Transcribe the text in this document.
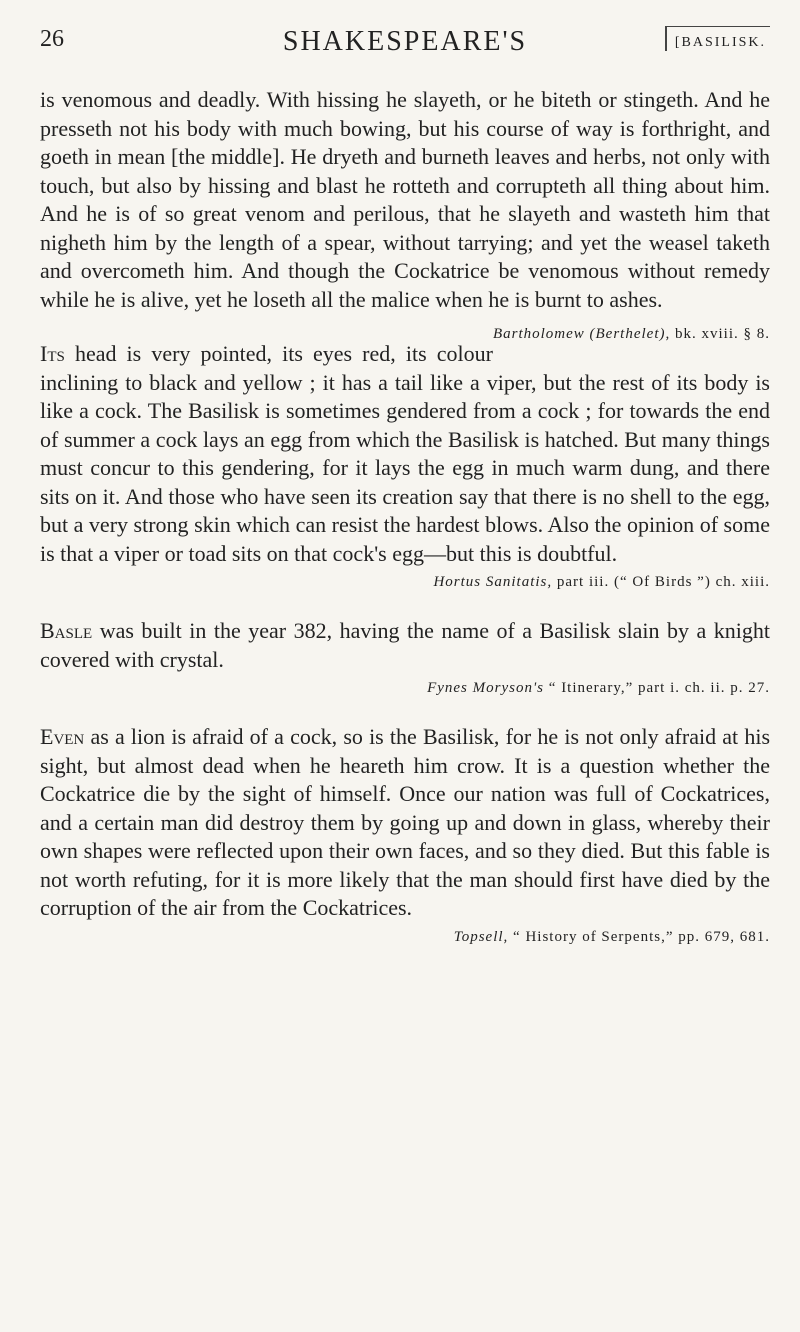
26	SHAKESPEARE'S	[BASILISK.

is venomous and deadly. With hissing he slayeth, or he biteth or stingeth. And he presseth not his body with much bowing, but his course of way is forthright, and goeth in mean [the middle]. He dryeth and burneth leaves and herbs, not only with touch, but also by hissing and blast he rotteth and corrupteth all thing about him. And he is of so great venom and perilous, that he slayeth and wasteth him that nigheth him by the length of a spear, without tarrying; and yet the weasel taketh and overcometh him. And though the Cockatrice be venomous without remedy while he is alive, yet he loseth all the malice when he is burnt to ashes.
Bartholomew (Berthelet), bk. xviii. § 8.

Its head is very pointed, its eyes red, its colour inclining to black and yellow ; it has a tail like a viper, but the rest of its body is like a cock. The Basilisk is sometimes gendered from a cock ; for towards the end of summer a cock lays an egg from which the Basilisk is hatched. But many things must concur to this gendering, for it lays the egg in much warm dung, and there sits on it. And those who have seen its creation say that there is no shell to the egg, but a very strong skin which can resist the hardest blows. Also the opinion of some is that a viper or toad sits on that cock's egg—but this is doubtful.

Hortus Sanitatis, part iii. (“ Of Birds ”) ch. xiii.

Basle was built in the year 382, having the name of a Basilisk slain by a knight covered with crystal.

Fynes Moryson's “ Itinerary,” part i. ch. ii. p. 27.

Even as a lion is afraid of a cock, so is the Basilisk, for he is not only afraid at his sight, but almost dead when he heareth him crow. It is a question whether the Cockatrice die by the sight of himself. Once our nation was full of Cockatrices, and a certain man did destroy them by going up and down in glass, whereby their own shapes were reflected upon their own faces, and so they died. But this fable is not worth refuting, for it is more likely that the man should first have died by the corruption of the air from the Cockatrices.

Topsell, “ History of Serpents,” pp. 679, 681.
